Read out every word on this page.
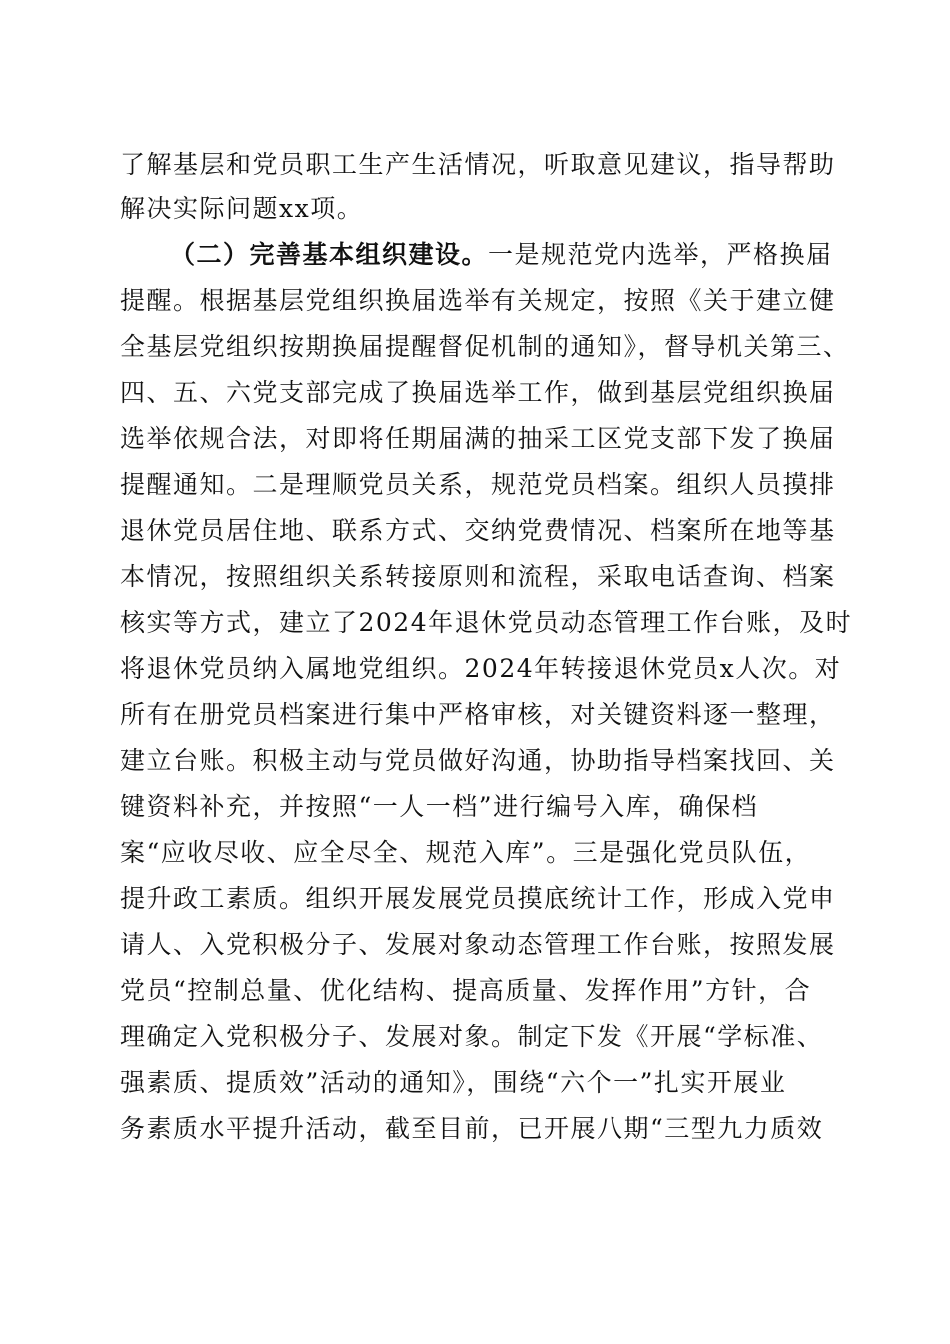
了解基层和党员职工生产生活情况，听取意见建议，指导帮助
解决实际问题xx项。
（二）完善基本组织建设。一是规范党内选举，严格换届
提醒。根据基层党组织换届选举有关规定，按照《关于建立健
全基层党组织按期换届提醒督促机制的通知》，督导机关第三、
四、五、六党支部完成了换届选举工作，做到基层党组织换届
选举依规合法，对即将任期届满的抽采工区党支部下发了换届
提醒通知。二是理顺党员关系，规范党员档案。组织人员摸排
退休党员居住地、联系方式、交纳党费情况、档案所在地等基
本情况，按照组织关系转接原则和流程，采取电话查询、档案
核实等方式，建立了2024年退休党员动态管理工作台账，及时
将退休党员纳入属地党组织。2024年转接退休党员x人次。对
所有在册党员档案进行集中严格审核，对关键资料逐一整理，
建立台账。积极主动与党员做好沟通，协助指导档案找回、关
键资料补充，并按照“一人一档”进行编号入库，确保档
案“应收尽收、应全尽全、规范入库”。三是强化党员队伍，
提升政工素质。组织开展发展党员摸底统计工作，形成入党申
请人、入党积极分子、发展对象动态管理工作台账，按照发展
党员“控制总量、优化结构、提高质量、发挥作用”方针，合
理确定入党积极分子、发展对象。制定下发《开展“学标准、
强素质、提质效”活动的通知》，围绕“六个一”扎实开展业
务素质水平提升活动，截至目前，已开展八期“三型九力质效
